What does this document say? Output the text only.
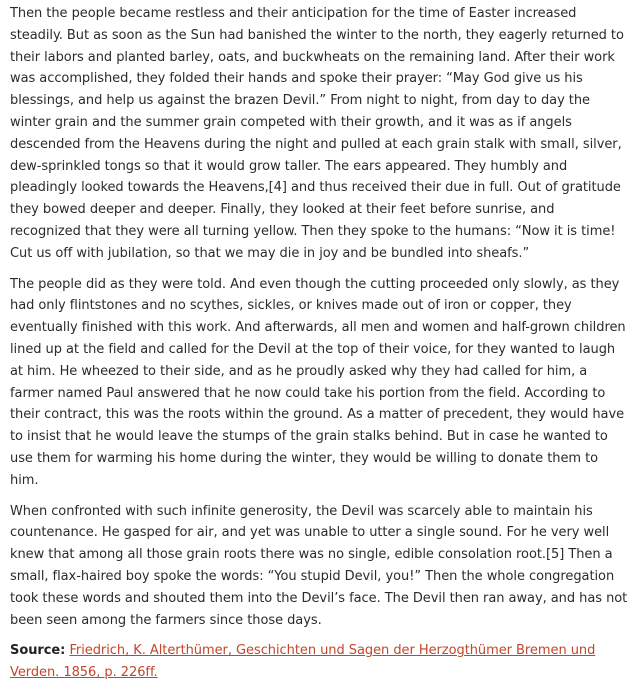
Then the people became restless and their anticipation for the time of Easter increased steadily. But as soon as the Sun had banished the winter to the north, they eagerly returned to their labors and planted barley, oats, and buckwheats on the remaining land. After their work was accomplished, they folded their hands and spoke their prayer: “May God give us his blessings, and help us against the brazen Devil.” From night to night, from day to day the winter grain and the summer grain competed with their growth, and it was as if angels descended from the Heavens during the night and pulled at each grain stalk with small, silver, dew-sprinkled tongs so that it would grow taller. The ears appeared. They humbly and pleadingly looked towards the Heavens,[4] and thus received their due in full. Out of gratitude they bowed deeper and deeper. Finally, they looked at their feet before sunrise, and recognized that they were all turning yellow. Then they spoke to the humans: “Now it is time! Cut us off with jubilation, so that we may die in joy and be bundled into sheafs.”

The people did as they were told. And even though the cutting proceeded only slowly, as they had only flintstones and no scythes, sickles, or knives made out of iron or copper, they eventually finished with this work. And afterwards, all men and women and half-grown children lined up at the field and called for the Devil at the top of their voice, for they wanted to laugh at him. He wheezed to their side, and as he proudly asked why they had called for him, a farmer named Paul answered that he now could take his portion from the field. According to their contract, this was the roots within the ground. As a matter of precedent, they would have to insist that he would leave the stumps of the grain stalks behind. But in case he wanted to use them for warming his home during the winter, they would be willing to donate them to him.

When confronted with such infinite generosity, the Devil was scarcely able to maintain his countenance. He gasped for air, and yet was unable to utter a single sound. For he very well knew that among all those grain roots there was no single, edible consolation root.[5] Then a small, flax-haired boy spoke the words: “You stupid Devil, you!” Then the whole congregation took these words and shouted them into the Devil’s face. The Devil then ran away, and has not been seen among the farmers since those days.

Source: Friedrich, K. Alterthümer, Geschichten und Sagen der Herzogthümer Bremen und Verden. 1856, p. 226ff.
